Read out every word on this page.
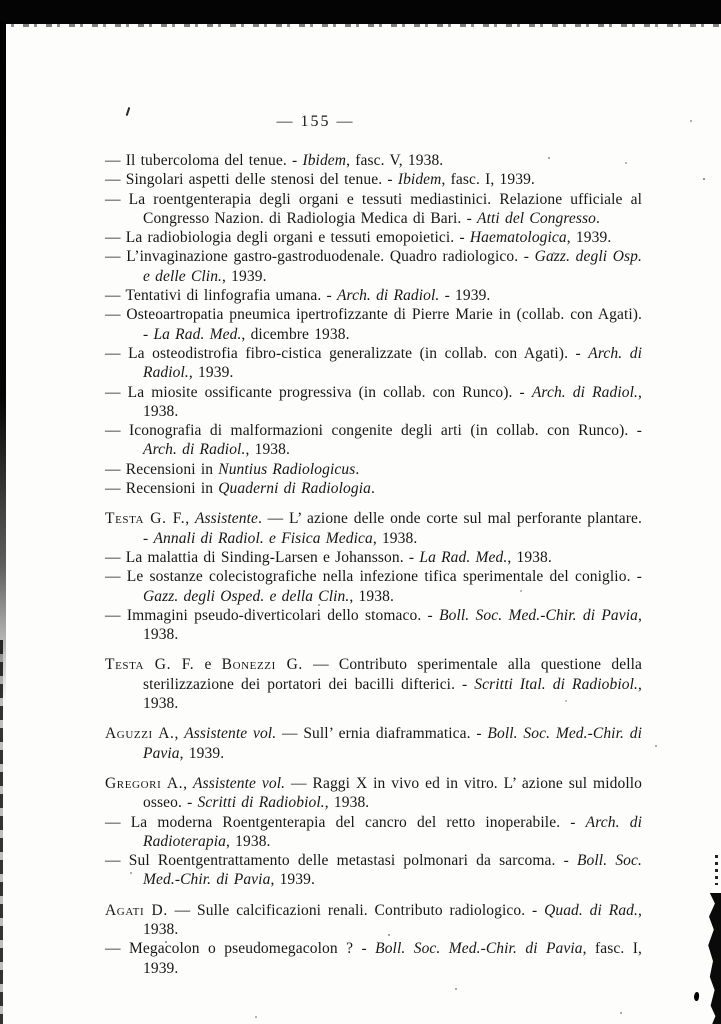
— 155 —
— Il tubercoloma del tenue. - Ibidem, fasc. V, 1938.
— Singolari aspetti delle stenosi del tenue. - Ibidem, fasc. I, 1939.
— La roentgenterapia degli organi e tessuti mediastinici. Relazione ufficiale al Congresso Nazion. di Radiologia Medica di Bari. - Atti del Congresso.
— La radiobiologia degli organi e tessuti emopoietici. - Haematologica, 1939.
— L’invaginazione gastro-gastroduodenale. Quadro radiologico. - Gazz. degli Osp. e delle Clin., 1939.
— Tentativi di linfografia umana. - Arch. di Radiol. - 1939.
— Osteoartropatia pneumica ipertrofizzante di Pierre Marie in (collab. con Agati). - La Rad. Med., dicembre 1938.
— La osteodistrofia fibro-cistica generalizzate (in collab. con Agati). - Arch. di Radiol., 1939.
— La miosite ossificante progressiva (in collab. con Runco). - Arch. di Radiol., 1938.
— Iconografia di malformazioni congenite degli arti (in collab. con Runco). - Arch. di Radiol., 1938.
— Recensioni in Nuntius Radiologicus.
— Recensioni in Quaderni di Radiologia.
Testa G. F., Assistente. — L’ azione delle onde corte sul mal perforante plantare. - Annali di Radiol. e Fisica Medica, 1938.
— La malattia di Sinding-Larsen e Johansson. - La Rad. Med., 1938.
— Le sostanze colecistografiche nella infezione tifica sperimentale del coniglio. - Gazz. degli Osped. e della Clin., 1938.
— Immagini pseudo-diverticolari dello stomaco. - Boll. Soc. Med.-Chir. di Pavia, 1938.
Testa G. F. e Bonezzi G. — Contributo sperimentale alla questione della sterilizzazione dei portatori dei bacilli difterici. - Scritti Ital. di Radiobiol., 1938.
Aguzzi A., Assistente vol. — Sull’ ernia diaframmatica. - Boll. Soc. Med.-Chir. di Pavia, 1939.
Gregori A., Assistente vol. — Raggi X in vivo ed in vitro. L’ azione sul midollo osseo. - Scritti di Radiobiol., 1938.
— La moderna Roentgenterapia del cancro del retto inoperabile. - Arch. di Radioterapia, 1938.
— Sul Roentgentrattamento delle metastasi polmonari da sarcoma. - Boll. Soc. Med.-Chir. di Pavia, 1939.
Agati D. — Sulle calcificazioni renali. Contributo radiologico. - Quad. di Rad., 1938.
— Megacolon o pseudomegacolon ? - Boll. Soc. Med.-Chir. di Pavia, fasc. I, 1939.
